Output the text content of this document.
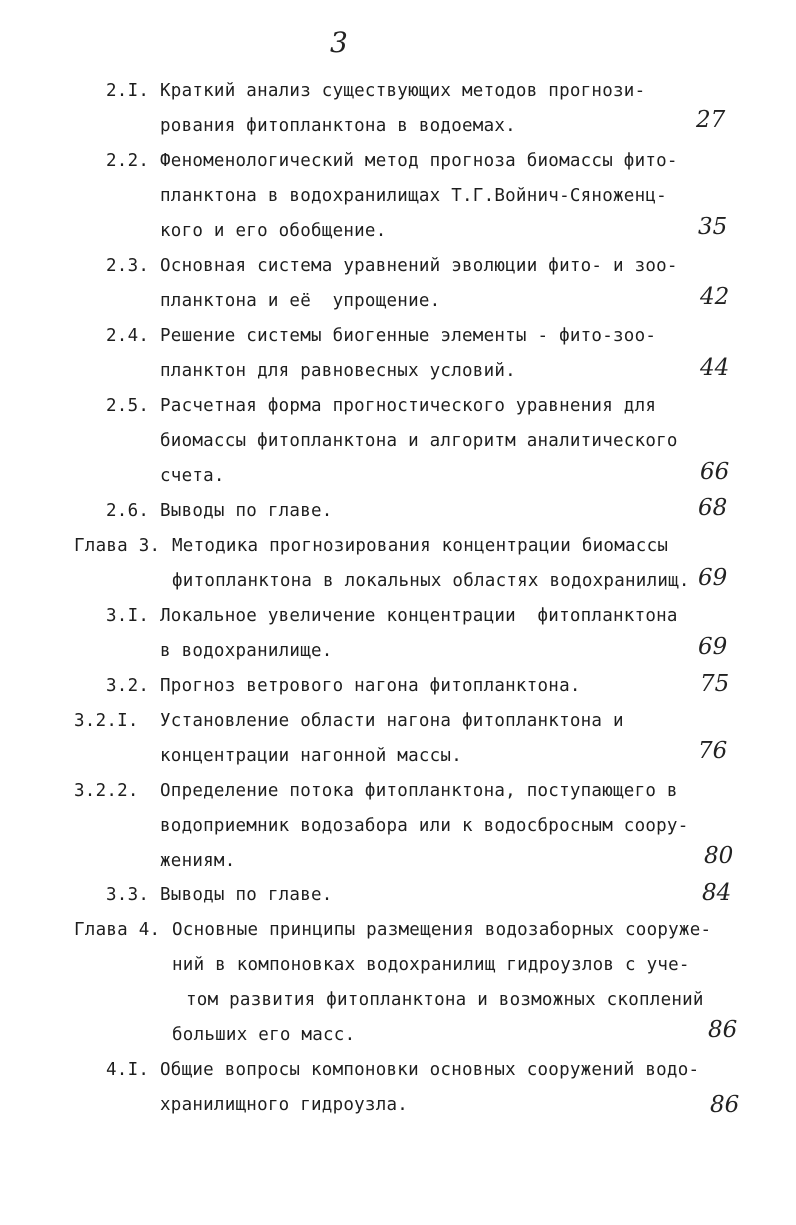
3
2.I. Краткий анализ существующих методов прогнози-
рования фитопланктона в водоемах.	27
2.2. Феноменологический метод прогноза биомассы фито-
планктона в водохранилищах Т.Г.Войнич-Сяноженц-
кого и его обобщение.	35
2.3. Основная система уравнений эволюции фито- и зоо-
планктона и её  упрощение.	42
2.4. Решение системы биогенные элементы - фито-зоо-
планктон для равновесных условий.	44
2.5. Расчетная форма прогностического уравнения для
биомассы фитопланктона и алгоритм аналитического
счета.	66
2.6. Выводы по главе.	68
Глава 3. Методика прогнозирования концентрации биомассы
фитопланктона в локальных областях водохранилищ. 69
3.I. Локальное увеличение концентрации  фитопланктона
в водохранилище.	69
3.2. Прогноз ветрового нагона фитопланктона.	75
3.2.I. Установление области нагона фитопланктона и
концентрации нагонной массы.	76
3.2.2. Определение потока фитопланктона, поступающего в
водоприемник водозабора или к водосбросным соору-
жениям.	80
3.3. Выводы по главе.	84
Глава 4. Основные принципы размещения водозаборных сооруже-
ний в компоновках водохранилищ гидроузлов с уче-
том развития фитопланктона и возможных скоплений
больших его масс.	86
4.I. Общие вопросы компоновки основных сооружений водо-
хранилищного гидроузла.	86
